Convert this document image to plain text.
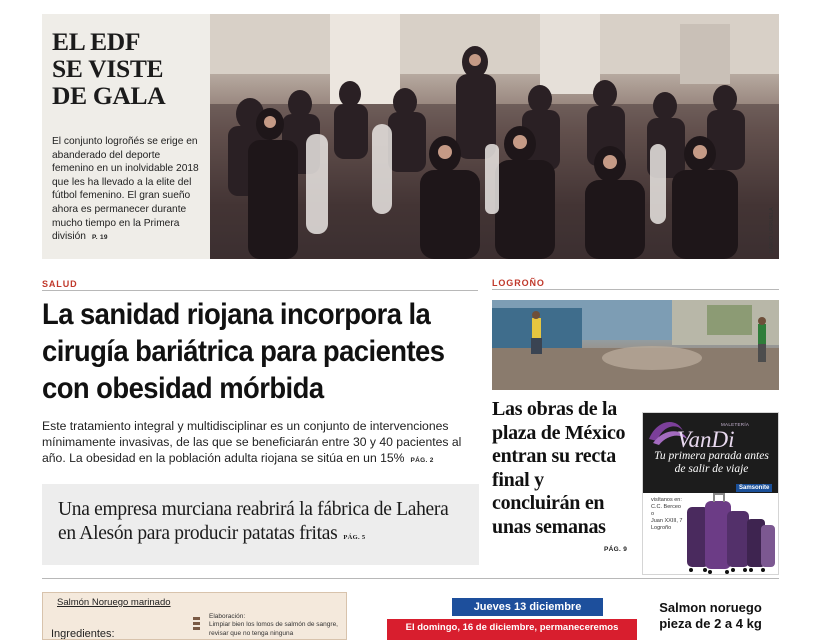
EL EDF
SE VISTE
DE GALA

El conjunto logroñés se erige en abanderado del deporte femenino en un inolvidable 2018 que les ha llevado a la elite del fútbol femenino. El gran sueño ahora es permanecer durante mucho tiempo en la Primera división P. 19	DARIO URRUELA
SALUD
La sanidad riojana incorpora la cirugía bariátrica para pacientes con obesidad mórbida

Este tratamiento integral y multidisciplinar es un conjunto de intervenciones mínimamente invasivas, de las que se beneficiarán entre 30 y 40 pacientes al año. La obesidad en la población adulta riojana se sitúa en un 15% PÁG. 2

Una empresa murciana reabrirá la fábrica de Lahera en Alesón para producir patatas fritas PÁG. 5

LOGROÑO
Las obras de la plaza de México entran su recta final y concluirán en unas semanas
PÁG. 9
MALETERÍA
VanDi

Tu primera parada antes de salir de viaje

Samsonite

visítanos en:
C.C. Berceo
o
Juan XXIII, 7
Logroño

Salmón Noruego marinado
Ingredientes:

Elaboración:
Limpiar bien los lomos de salmón de sangre, revisar que no tenga ninguna

Jueves 13 diciembre
El domingo, 16 de diciembre, permaneceremos

Salmon noruego
pieza de 2 a 4 kg
